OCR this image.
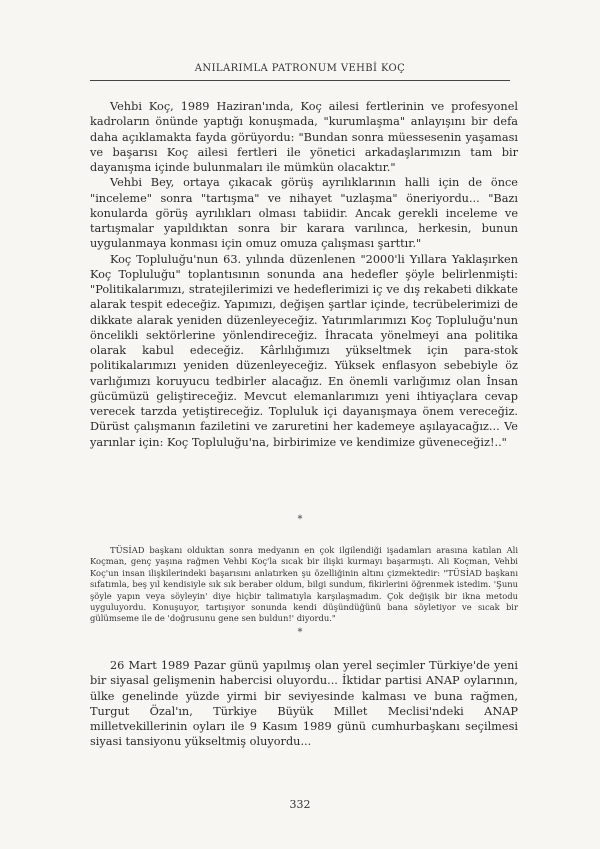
ANILARIMLA PATRONUM VEHBİ KOÇ

Vehbi Koç, 1989 Haziran'ında, Koç ailesi fertlerinin ve profesyonel kadroların önünde yaptığı konuşmada, "kurumlaşma" anlayışını bir defa daha açıklamakta fayda görüyordu: "Bundan sonra müessesenin yaşaması ve başarısı Koç ailesi fertleri ile yönetici arkadaşlarımızın tam bir dayanışma içinde bulunmaları ile mümkün olacaktır."

Vehbi Bey, ortaya çıkacak görüş ayrılıklarının halli için de önce "inceleme" sonra "tartışma" ve nihayet "uzlaşma" öneriyordu... "Bazı konularda görüş ayrılıkları olması tabiidir. Ancak gerekli inceleme ve tartışmalar yapıldıktan sonra bir karara varılınca, herkesin, bunun uygulanmaya konması için omuz omuza çalışması şarttır."

Koç Topluluğu'nun 63. yılında düzenlenen "2000'li Yıllara Yaklaşırken Koç Topluluğu" toplantısının sonunda ana hedefler şöyle belirlenmişti: "Politikalarımızı, stratejilerimizi ve hedeflerimizi iç ve dış rekabeti dikkate alarak tespit edeceğiz. Yapımızı, değişen şartlar içinde, tecrübelerimizi de dikkate alarak yeniden düzenleyeceğiz. Yatırımlarımızı Koç Topluluğu'nun öncelikli sektörlerine yönlendireceğiz. İhracata yönelmeyi ana politika olarak kabul edeceğiz. Kârlılığımızı yükseltmek için para-stok politikalarımızı yeniden düzenleyeceğiz. Yüksek enflasyon sebebiyle öz varlığımızı koruyucu tedbirler alacağız. En önemli varlığımız olan İnsan gücümüzü geliştireceğiz. Mevcut elemanlarımızı yeni ihtiyaçlara cevap verecek tarzda yetiştireceğiz. Topluluk içi dayanışmaya önem vereceğiz. Dürüst çalışmanın faziletini ve zaruretini her kademeye aşılayacağız... Ve yarınlar için: Koç Topluluğu'na, birbirimize ve kendimize güveneceğiz!.."

*

TÜSİAD başkanı olduktan sonra medyanın en çok ilgilendiği işadamları arasına katılan Ali Koçman, genç yaşına rağmen Vehbi Koç'la sıcak bir ilişki kurmayı başarmıştı. Ali Koçman, Vehbi Koç'un insan ilişkilerindeki başarısını anlatırken şu özelliğinin altını çizmektedir: "TÜSİAD başkanı sıfatımla, beş yıl kendisiyle sık sık beraber oldum, bilgi sundum, fikirlerini öğrenmek istedim. 'Şunu şöyle yapın veya söyleyin' diye hiçbir talimatıyla karşılaşmadım. Çok değişik bir ikna metodu uyguluyordu. Konuşuyor, tartışıyor sonunda kendi düşündüğünü bana söyletiyor ve sıcak bir gülümseme ile de 'doğrusunu gene sen buldun!' diyordu."

*

26 Mart 1989 Pazar günü yapılmış olan yerel seçimler Türkiye'de yeni bir siyasal gelişmenin habercisi oluyordu... İktidar partisi ANAP oylarının, ülke genelinde yüzde yirmi bir seviyesinde kalması ve buna rağmen, Turgut Özal'ın, Türkiye Büyük Millet Meclisi'ndeki ANAP milletvekillerinin oyları ile 9 Kasım 1989 günü cumhurbaşkanı seçilmesi siyasi tansiyonu yükseltmiş oluyordu...

332
